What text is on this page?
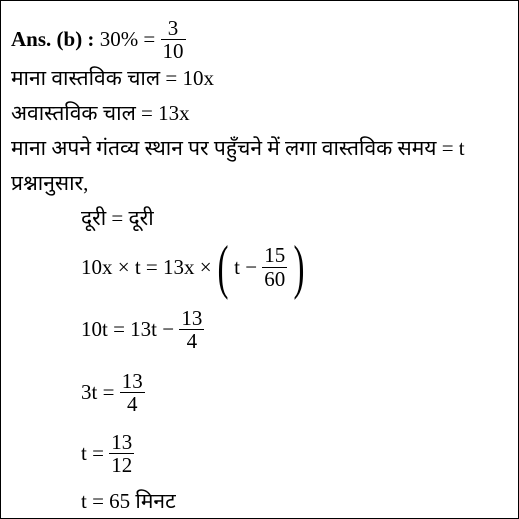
Ans. (b) : $30\% = \frac{3}{10}$
माना वास्तविक चाल = 10x
अवास्तविक चाल = 13x
माना अपने गंतव्य स्थान पर पहुँचने में लगा वास्तविक समय = t
प्रश्नानुसार,
दूरी = दूरी
10x × t = 13x × ( $t - \frac{15}{60}$ )
$10t = 13t - \frac{13}{4}$
$3t = \frac{13}{4}$
$t = \frac{13}{12}$
t = 65 मिनट
